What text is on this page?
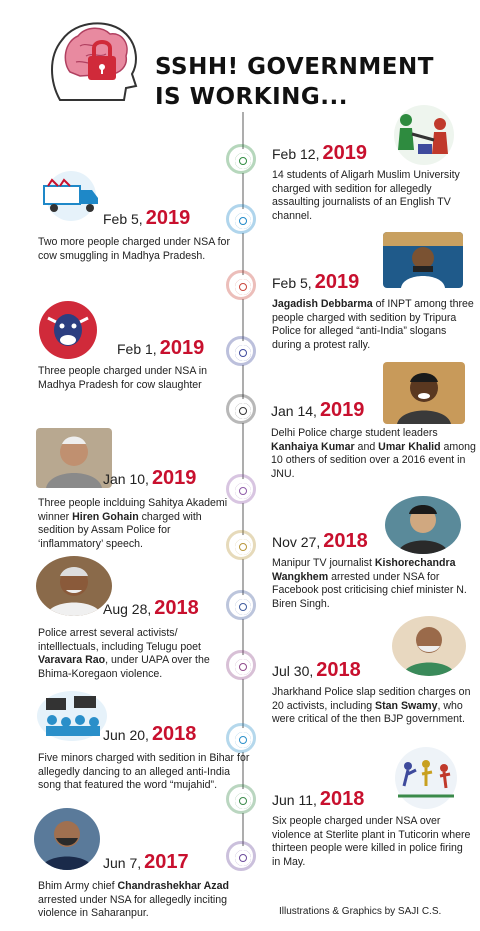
SSHH! GOVERNMENT
IS WORKING...
Feb 12, 2019
14 students of Aligarh Muslim University charged with sedition for allegedly assaulting journalists of an English TV channel.
Feb 5, 2019
Two more people charged under NSA for cow smuggling in Madhya Pradesh.
Feb 5, 2019
Jagadish Debbarma of INPT among three people charged with sedition by Tripura Police for alleged “anti-India” slogans during a protest rally.
Feb 1, 2019
Three people charged under NSA in Madhya Pradesh for cow slaughter
Jan 14, 2019
Delhi Police charge student leaders Kanhaiya Kumar and Umar Khalid among 10 others of sedition over a 2016 event in JNU.
Jan 10, 2019
Three people inclduing Sahitya Akademi winner Hiren Gohain charged with sedition by Assam Police for ‘inflammatory’ speech.	Nov 27, 2018
Manipur TV journalist Kishorechandra Wangkhem arrested under NSA for Facebook post criticising chief minister N. Biren Singh.
Aug 28, 2018
Police arrest several activists/ intelllectuals, including Telugu poet Varavara Rao, under UAPA over the Bhima-Koregaon violence.	Jul 30, 2018
Jharkhand Police slap sedition charges on 20 activists, including Stan Swamy, who were critical of the then BJP government.
Jun 20, 2018
Five minors charged with sedition in Bihar for allegedly dancing to an alleged anti-India song that featured the word “mujahid”.
Jun 11, 2018
Six people charged under NSA over violence at Sterlite plant in Tuticorin where thirteen people were killed in police firing in May.
Jun 7, 2017
Bhim Army chief Chandrashekhar Azad arrested under NSA for allegedly inciting violence in Saharanpur.	Illustrations & Graphics by SAJI C.S.
